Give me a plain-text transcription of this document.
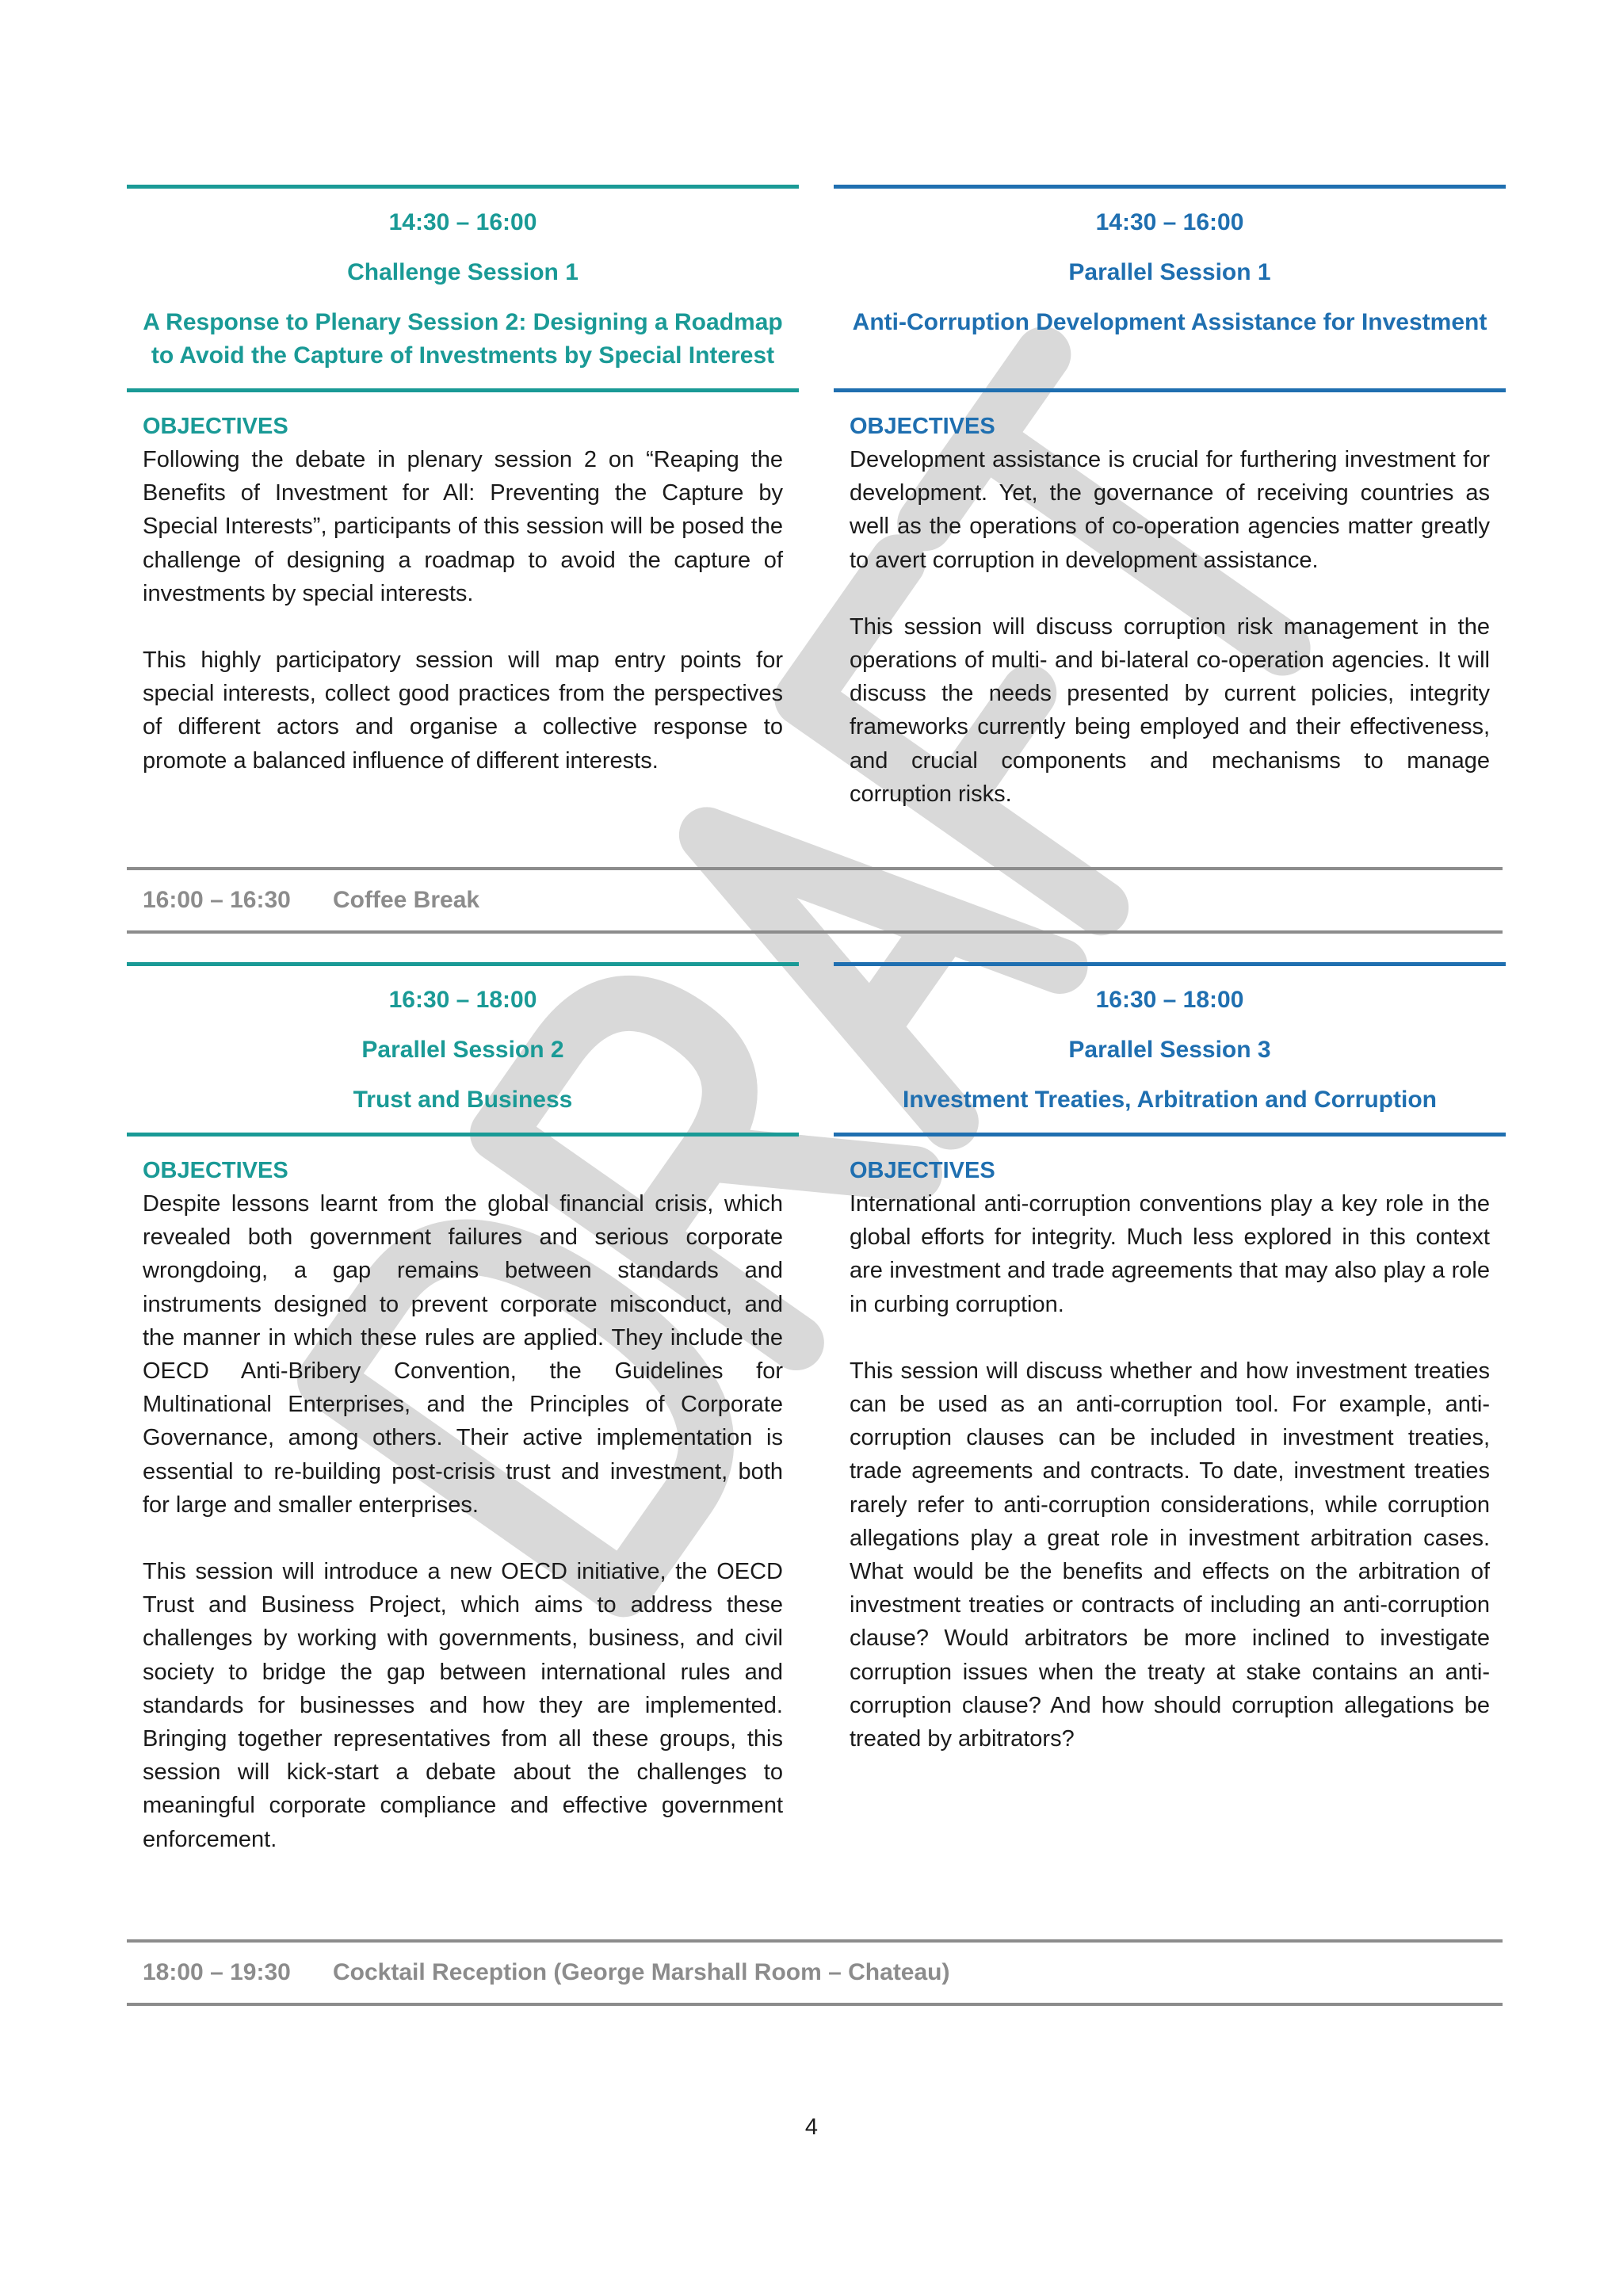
14:30 – 16:00
Challenge Session 1
A Response to Plenary Session 2: Designing a Roadmap to Avoid the Capture of Investments by Special Interest
OBJECTIVES

Following the debate in plenary session 2 on “Reaping the Benefits of Investment for All: Preventing the Capture by Special Interests”, participants of this session will be posed the challenge of designing a roadmap to avoid the capture of investments by special interests.

This highly participatory session will map entry points for special interests, collect good practices from the perspectives of different actors and organise a collective response to promote a balanced influence of different interests.

14:30 – 16:00
Parallel Session 1
Anti-Corruption Development Assistance for Investment
OBJECTIVES

Development assistance is crucial for furthering investment for development. Yet, the governance of receiving countries as well as the operations of co-operation agencies matter greatly to avert corruption in development assistance.

This session will discuss corruption risk management in the operations of multi- and bi-lateral co-operation agencies. It will discuss the needs presented by current policies, integrity frameworks currently being employed and their effectiveness, and crucial components and mechanisms to manage corruption risks.

16:00 – 16:30	Coffee Break
16:30 – 18:00
Parallel Session 2
Trust and Business
OBJECTIVES

Despite lessons learnt from the global financial crisis, which revealed both government failures and serious corporate wrongdoing, a gap remains between standards and instruments designed to prevent corporate misconduct, and the manner in which these rules are applied. They include the OECD Anti-Bribery Convention, the Guidelines for Multinational Enterprises, and the Principles of Corporate Governance, among others. Their active implementation is essential to re-building post-crisis trust and investment, both for large and smaller enterprises.

This session will introduce a new OECD initiative, the OECD Trust and Business Project, which aims to address these challenges by working with governments, business, and civil society to bridge the gap between international rules and standards for businesses and how they are implemented. Bringing together representatives from all these groups, this session will kick-start a debate about the challenges to meaningful corporate compliance and effective government enforcement.

16:30 – 18:00
Parallel Session 3
Investment Treaties, Arbitration and Corruption
OBJECTIVES

International anti-corruption conventions play a key role in the global efforts for integrity. Much less explored in this context are investment and trade agreements that may also play a role in curbing corruption.

This session will discuss whether and how investment treaties can be used as an anti-corruption tool. For example, anti-corruption clauses can be included in investment treaties, trade agreements and contracts. To date, investment treaties rarely refer to anti-corruption considerations, while corruption allegations play a great role in investment arbitration cases. What would be the benefits and effects on the arbitration of investment treaties or contracts of including an anti-corruption clause? Would arbitrators be more inclined to investigate corruption issues when the treaty at stake contains an anti-corruption clause? And how should corruption allegations be treated by arbitrators?

18:00 – 19:30	Cocktail Reception (George Marshall Room – Chateau)
4
